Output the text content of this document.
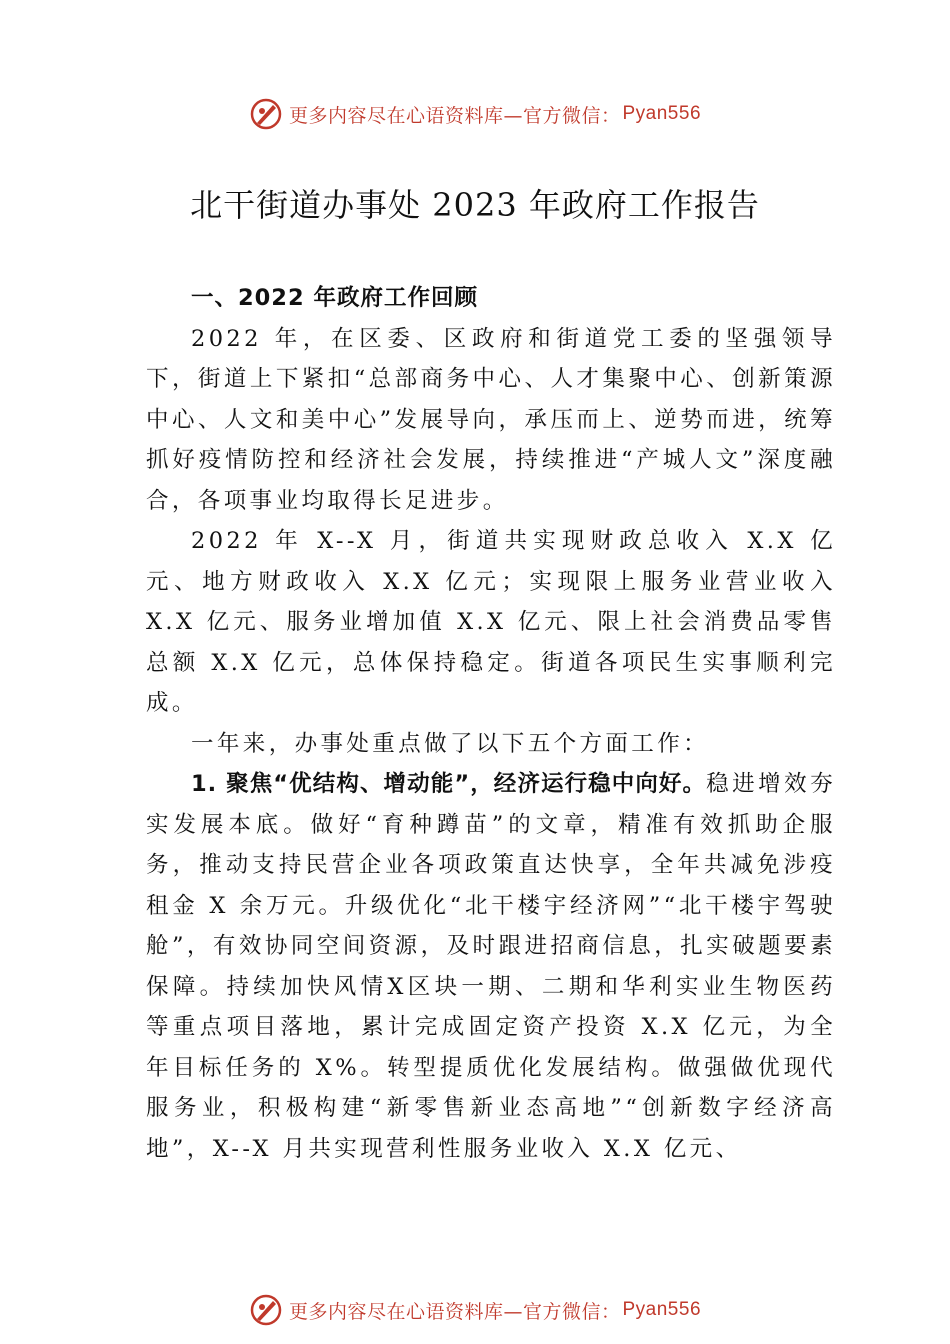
更多内容尽在心语资料库—官方微信： Pyan556
北干街道办事处 2023 年政府工作报告

一、2022 年政府工作回顾

2022 年，在区委、区政府和街道党工委的坚强领导下，街道上下紧扣“总部商务中心、人才集聚中心、创新策源中心、人文和美中心”发展导向，承压而上、逆势而进，统筹抓好疫情防控和经济社会发展，持续推进“产城人文”深度融合，各项事业均取得长足进步。

2022 年 X--X 月，街道共实现财政总收入 X.X 亿元、地方财政收入 X.X 亿元；实现限上服务业营业收入 X.X 亿元、服务业增加值 X.X 亿元、限上社会消费品零售总额 X.X 亿元，总体保持稳定。街道各项民生实事顺利完成。

一年来，办事处重点做了以下五个方面工作：

1. 聚焦“优结构、增动能”，经济运行稳中向好。稳进增效夯实发展本底。做好“育种蹲苗”的文章，精准有效抓助企服务，推动支持民营企业各项政策直达快享，全年共减免涉疫租金 X 余万元。升级优化“北干楼宇经济网”“北干楼宇驾驶舱”，有效协同空间资源，及时跟进招商信息，扎实破题要素保障。持续加快风情Ⅹ区块一期、二期和华利实业生物医药等重点项目落地，累计完成固定资产投资 X.X 亿元，为全年目标任务的 X%。转型提质优化发展结构。做强做优现代服务业，积极构建“新零售新业态高地”“创新数字经济高地”，X--X 月共实现营利性服务业收入 X.X 亿元、

更多内容尽在心语资料库—官方微信： Pyan556
